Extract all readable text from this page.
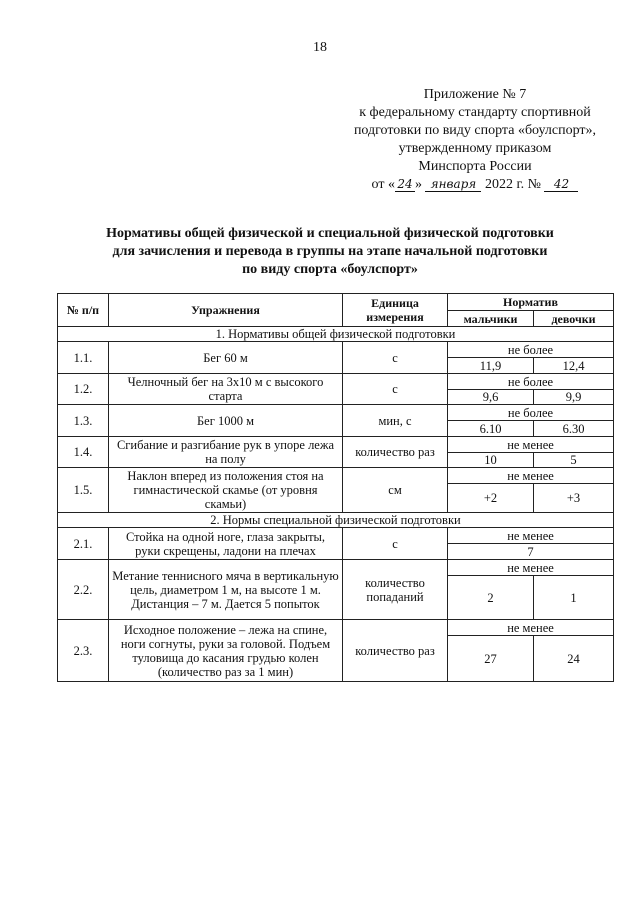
18
Приложение № 7
к федеральному стандарту спортивной
подготовки по виду спорта «боулспорт»,
утвержденному приказом
Минспорта России
от « 24 » января 2022 г. № 42
Нормативы общей физической и специальной физической подготовки
для зачисления и перевода в группы на этапе начальной подготовки
по виду спорта «боулспорт»
№ п/п	Упражнения	Единица измерения	Норматив	
			мальчики	девочки
1. Нормативы общей физической подготовки				
1.1.	Бег 60 м	с	не более	
			11,9	12,4
1.2.	Челночный бег на 3х10 м с высокого старта	с	не более	
			9,6	9,9
1.3.	Бег 1000 м	мин, с	не более	
			6.10	6.30
1.4.	Сгибание и разгибание рук в упоре лежа на полу	количество раз	не менее	
			10	5
1.5.	Наклон вперед из положения стоя на гимнастической скамье (от уровня скамьи)	см	не менее	
			+2	+3
2. Нормы специальной физической подготовки				
2.1.	Стойка на одной ноге, глаза закрыты, руки скрещены, ладони на плечах	с	не менее	
			7	
2.2.	Метание теннисного мяча в вертикальную цель, диаметром 1 м, на высоте 1 м. Дистанция – 7 м. Дается 5 попыток	количество попаданий	не менее	
			2	1
2.3.	Исходное положение – лежа на спине, ноги согнуты, руки за головой. Подъем туловища до касания грудью колен (количество раз за 1 мин)	количество раз	не менее	
			27	24
